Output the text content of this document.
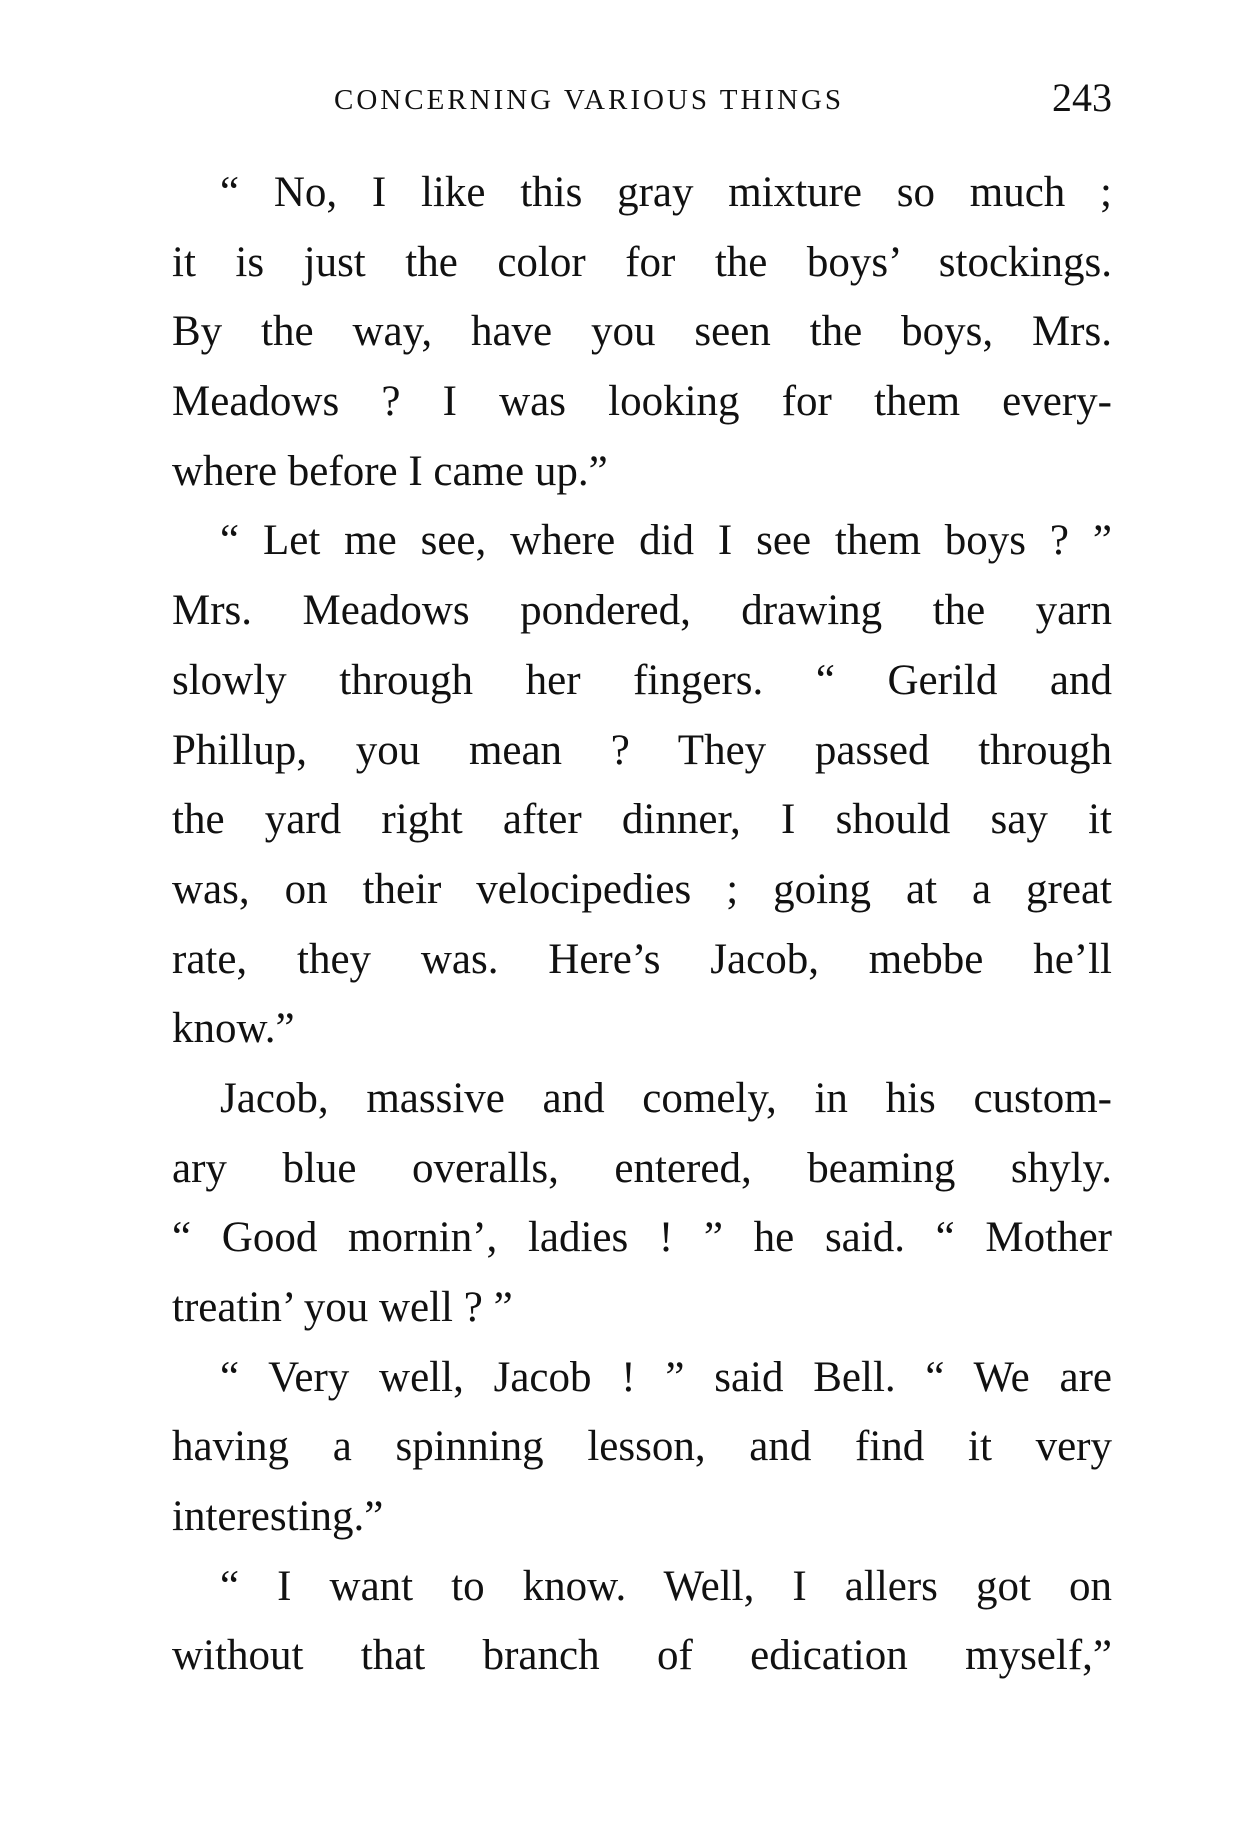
CONCERNING VARIOUS THINGS	243
“ No, I like this gray mixture so much ;
it is just the color for the boys’ stockings.
By the way, have you seen the boys, Mrs.
Meadows ? I was looking for them every-
where before I came up.”
“ Let me see, where did I see them boys ? ”
Mrs. Meadows pondered, drawing the yarn
slowly through her fingers. “ Gerild and
Phillup, you mean ? They passed through
the yard right after dinner, I should say it
was, on their velocipedies ; going at a great
rate, they was. Here’s Jacob, mebbe he’ll
know.”
Jacob, massive and comely, in his custom-
ary blue overalls, entered, beaming shyly.
“ Good mornin’, ladies ! ” he said. “ Mother
treatin’ you well ? ”
“ Very well, Jacob ! ” said Bell. “ We are
having a spinning lesson, and find it very
interesting.”
“ I want to know. Well, I allers got on
without that branch of edication myself,”
